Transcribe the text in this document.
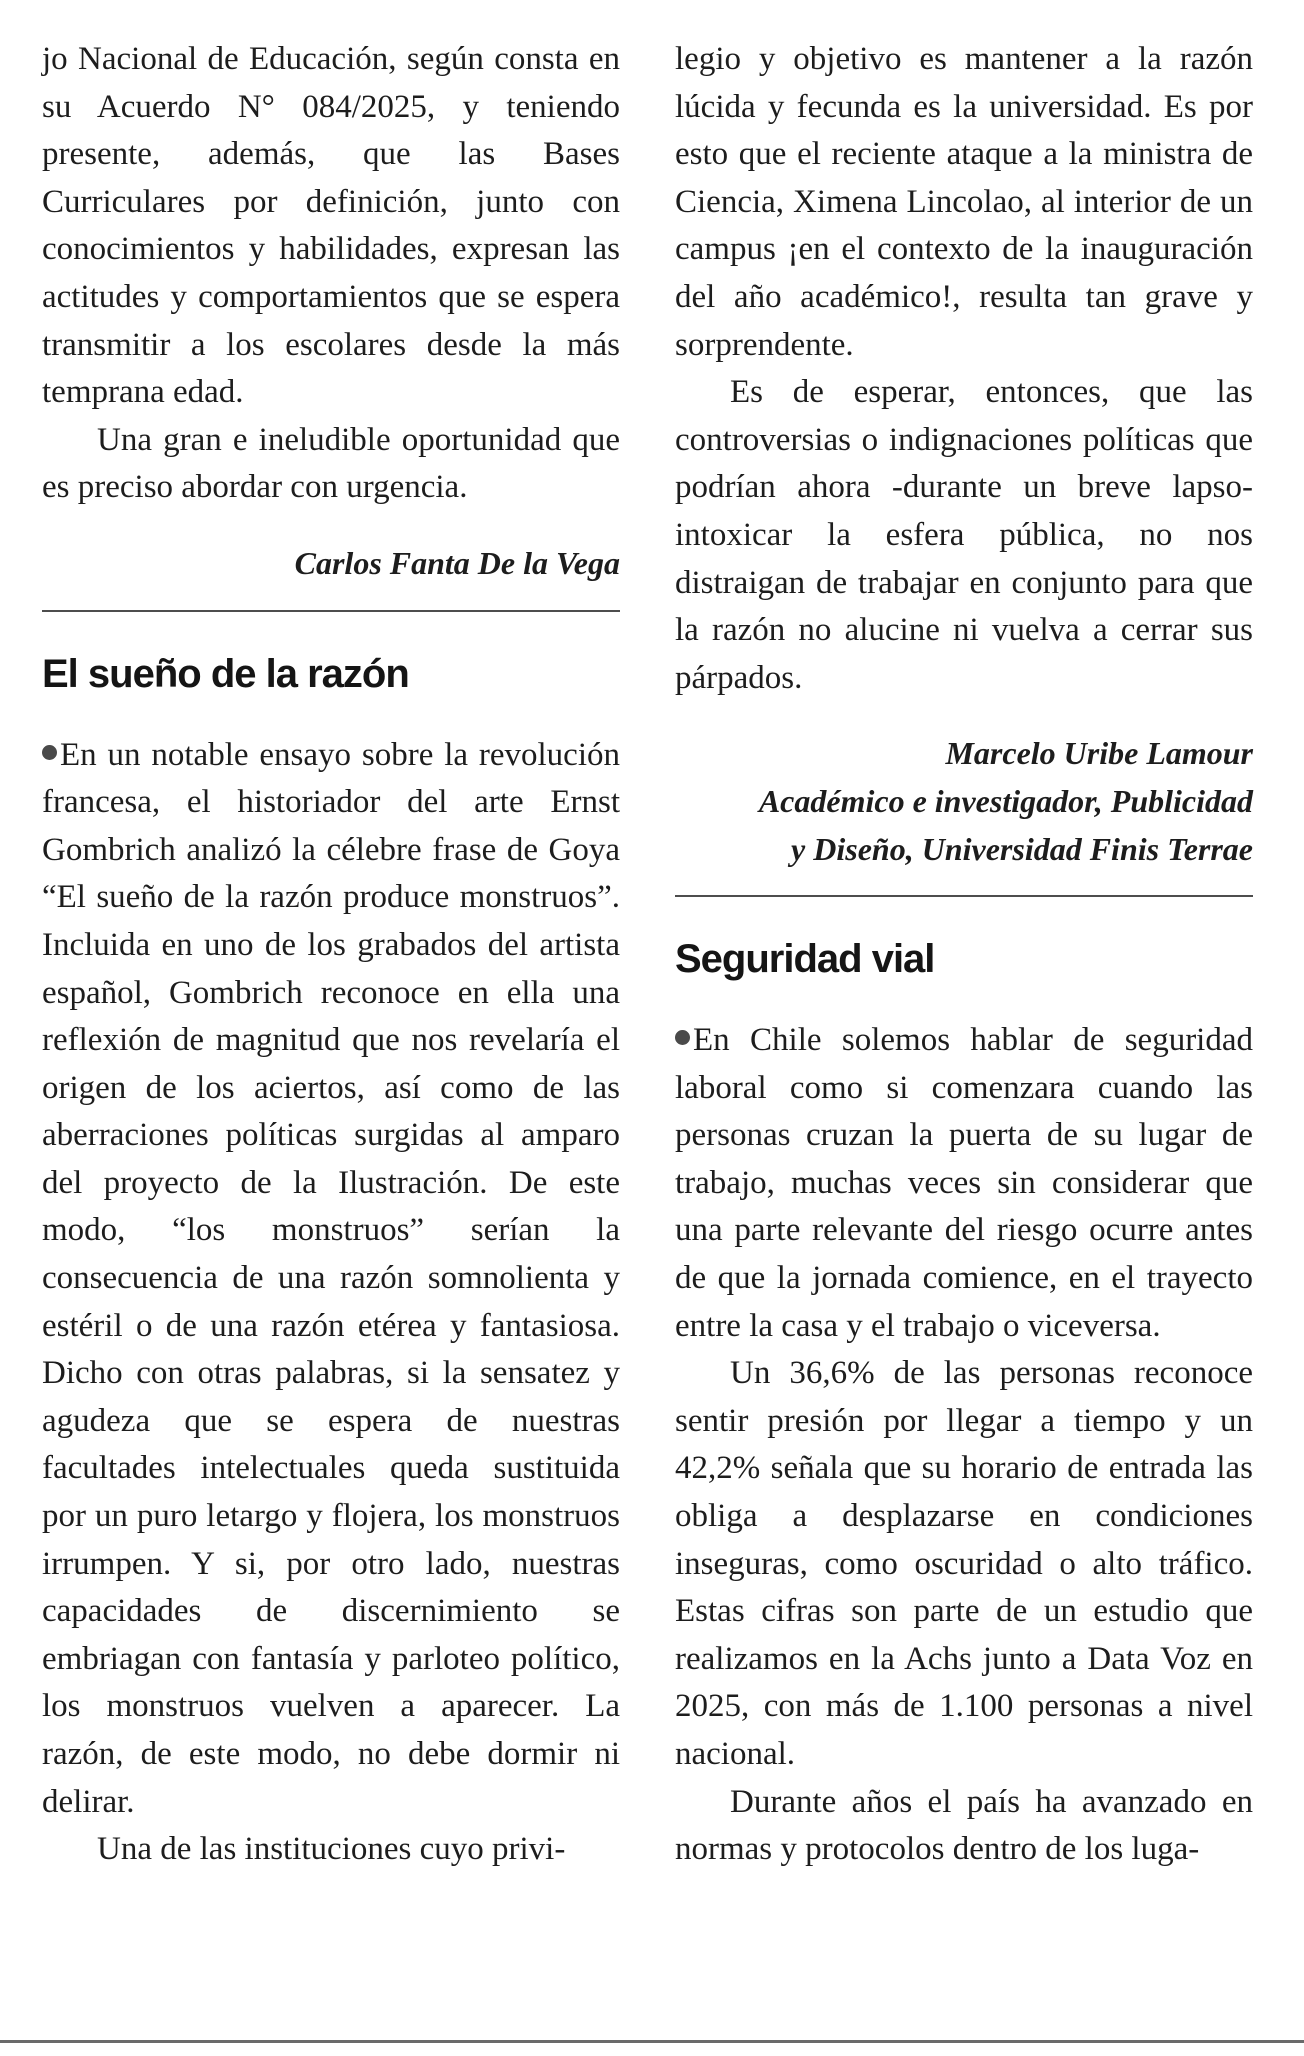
jo Nacional de Educación, según consta en su Acuerdo N° 084/2025, y teniendo presente, además, que las Bases Curriculares por definición, junto con conocimientos y habilidades, expresan las actitudes y comportamientos que se espera transmitir a los escolares desde la más temprana edad.

Una gran e ineludible oportunidad que es preciso abordar con urgencia.

Carlos Fanta De la Vega

El sueño de la razón

En un notable ensayo sobre la revolución francesa, el historiador del arte Ernst Gombrich analizó la célebre frase de Goya “El sueño de la razón produce monstruos”. Incluida en uno de los grabados del artista español, Gombrich reconoce en ella una reflexión de magnitud que nos revelaría el origen de los aciertos, así como de las aberraciones políticas surgidas al amparo del proyecto de la Ilustración. De este modo, “los monstruos” serían la consecuencia de una razón somnolienta y estéril o de una razón etérea y fantasiosa. Dicho con otras palabras, si la sensatez y agudeza que se espera de nuestras facultades intelectuales queda sustituida por un puro letargo y flojera, los monstruos irrumpen. Y si, por otro lado, nuestras capacidades de discernimiento se embriagan con fantasía y parloteo político, los monstruos vuelven a aparecer. La razón, de este modo, no debe dormir ni delirar.

Una de las instituciones cuyo privi-

legio y objetivo es mantener a la razón lúcida y fecunda es la universidad. Es por esto que el reciente ataque a la ministra de Ciencia, Ximena Lincolao, al interior de un campus ¡en el contexto de la inauguración del año académico!, resulta tan grave y sorprendente.

Es de esperar, entonces, que las controversias o indignaciones políticas que podrían ahora -durante un breve lapso- intoxicar la esfera pública, no nos distraigan de trabajar en conjunto para que la razón no alucine ni vuelva a cerrar sus párpados.

Marcelo Uribe Lamour

Académico e investigador, Publicidad

y Diseño, Universidad Finis Terrae

Seguridad vial

En Chile solemos hablar de seguridad laboral como si comenzara cuando las personas cruzan la puerta de su lugar de trabajo, muchas veces sin considerar que una parte relevante del riesgo ocurre antes de que la jornada comience, en el trayecto entre la casa y el trabajo o viceversa.

Un 36,6% de las personas reconoce sentir presión por llegar a tiempo y un 42,2% señala que su horario de entrada las obliga a desplazarse en condiciones inseguras, como oscuridad o alto tráfico. Estas cifras son parte de un estudio que realizamos en la Achs junto a Data Voz en 2025, con más de 1.100 personas a nivel nacional.

Durante años el país ha avanzado en normas y protocolos dentro de los luga-
